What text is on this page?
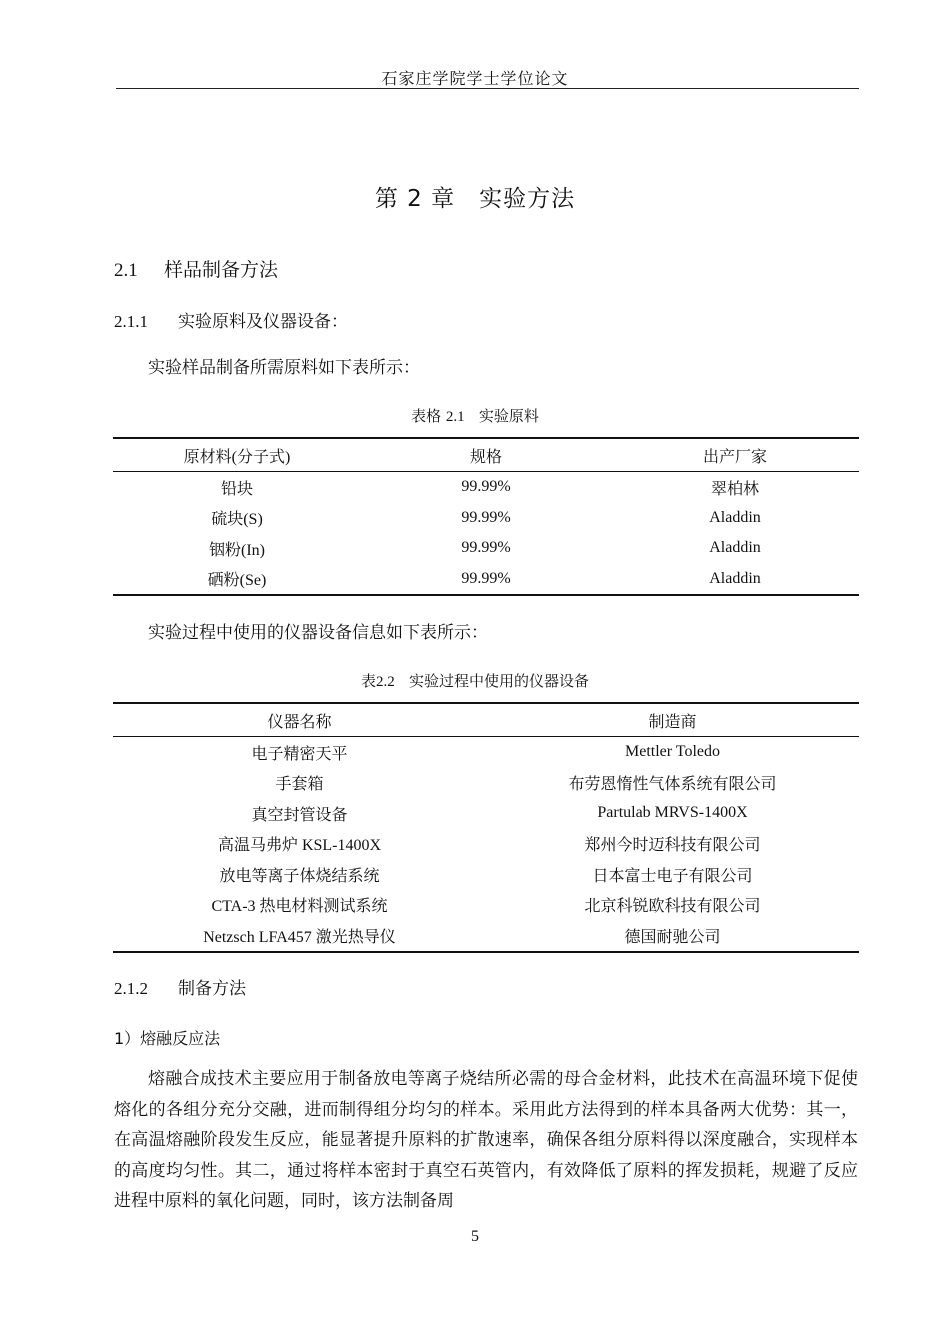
石家庄学院学士学位论文
第 2 章　实验方法
2.1 样品制备方法
2.1.1 实验原料及仪器设备：
实验样品制备所需原料如下表所示：
表格 2.1 实验原料
原材料(分子式)	规格	出产厂家
铅块	99.99%	翠柏林
硫块(S)	99.99%	Aladdin
铟粉(In)	99.99%	Aladdin
硒粉(Se)	99.99%	Aladdin
实验过程中使用的仪器设备信息如下表所示：
表2.2 实验过程中使用的仪器设备
仪器名称	制造商
电子精密天平	Mettler Toledo
手套箱	布劳恩惰性气体系统有限公司
真空封管设备	Partulab MRVS-1400X
高温马弗炉 KSL-1400X	郑州今时迈科技有限公司
放电等离子体烧结系统	日本富士电子有限公司
CTA-3 热电材料测试系统	北京科锐欧科技有限公司
Netzsch LFA457 激光热导仪	德国耐驰公司
2.1.2 制备方法
1）熔融反应法
熔融合成技术主要应用于制备放电等离子烧结所必需的母合金材料，此技术在高温环境下促使熔化的各组分充分交融，进而制得组分均匀的样本。采用此方法得到的样本具备两大优势：其一，在高温熔融阶段发生反应，能显著提升原料的扩散速率，确保各组分原料得以深度融合，实现样本的高度均匀性。其二，通过将样本密封于真空石英管内，有效降低了原料的挥发损耗，规避了反应进程中原料的氧化问题，同时，该方法制备周
5
